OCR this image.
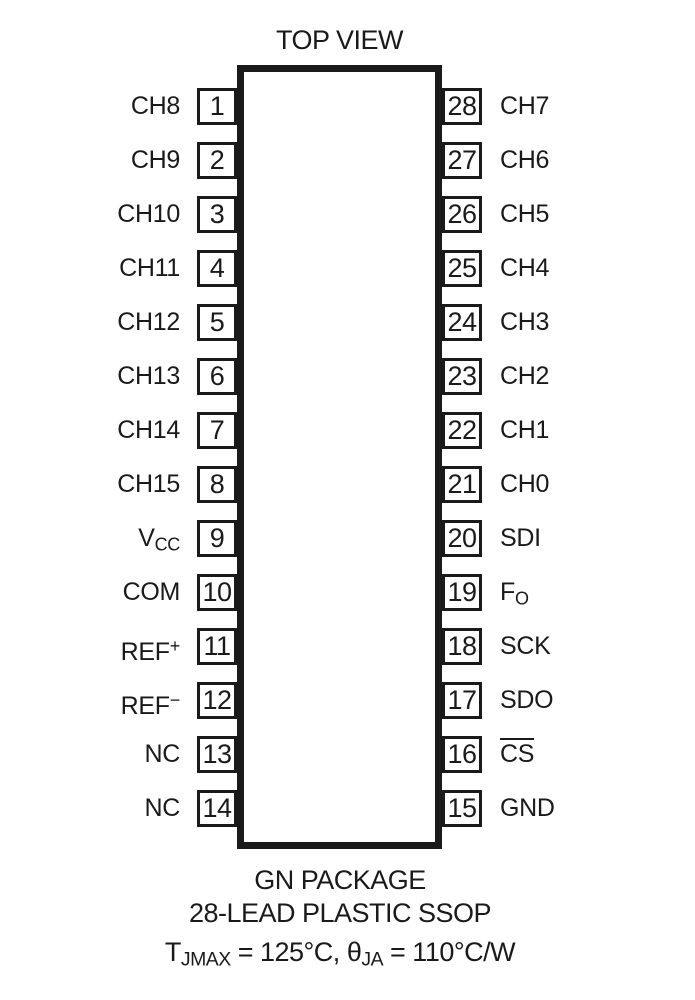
TOP VIEW
CH8	1
CH9	2
CH10	3
CH11	4
CH12	5
CH13	6
CH14	7
CH15	8
VCC	9
COM 10
REF+ 11
REF− 12
NC 13
NC 14
28 CH7
27 CH6
26 CH5
25 CH4
24 CH3
23 CH2
22 CH1
21 CH0
20 SDI
19 FO
18 SCK
17 SDO
16 CS
15 GND
GN PACKAGE
28-LEAD PLASTIC SSOP
TJMAX = 125°C, θJA = 110°C/W
